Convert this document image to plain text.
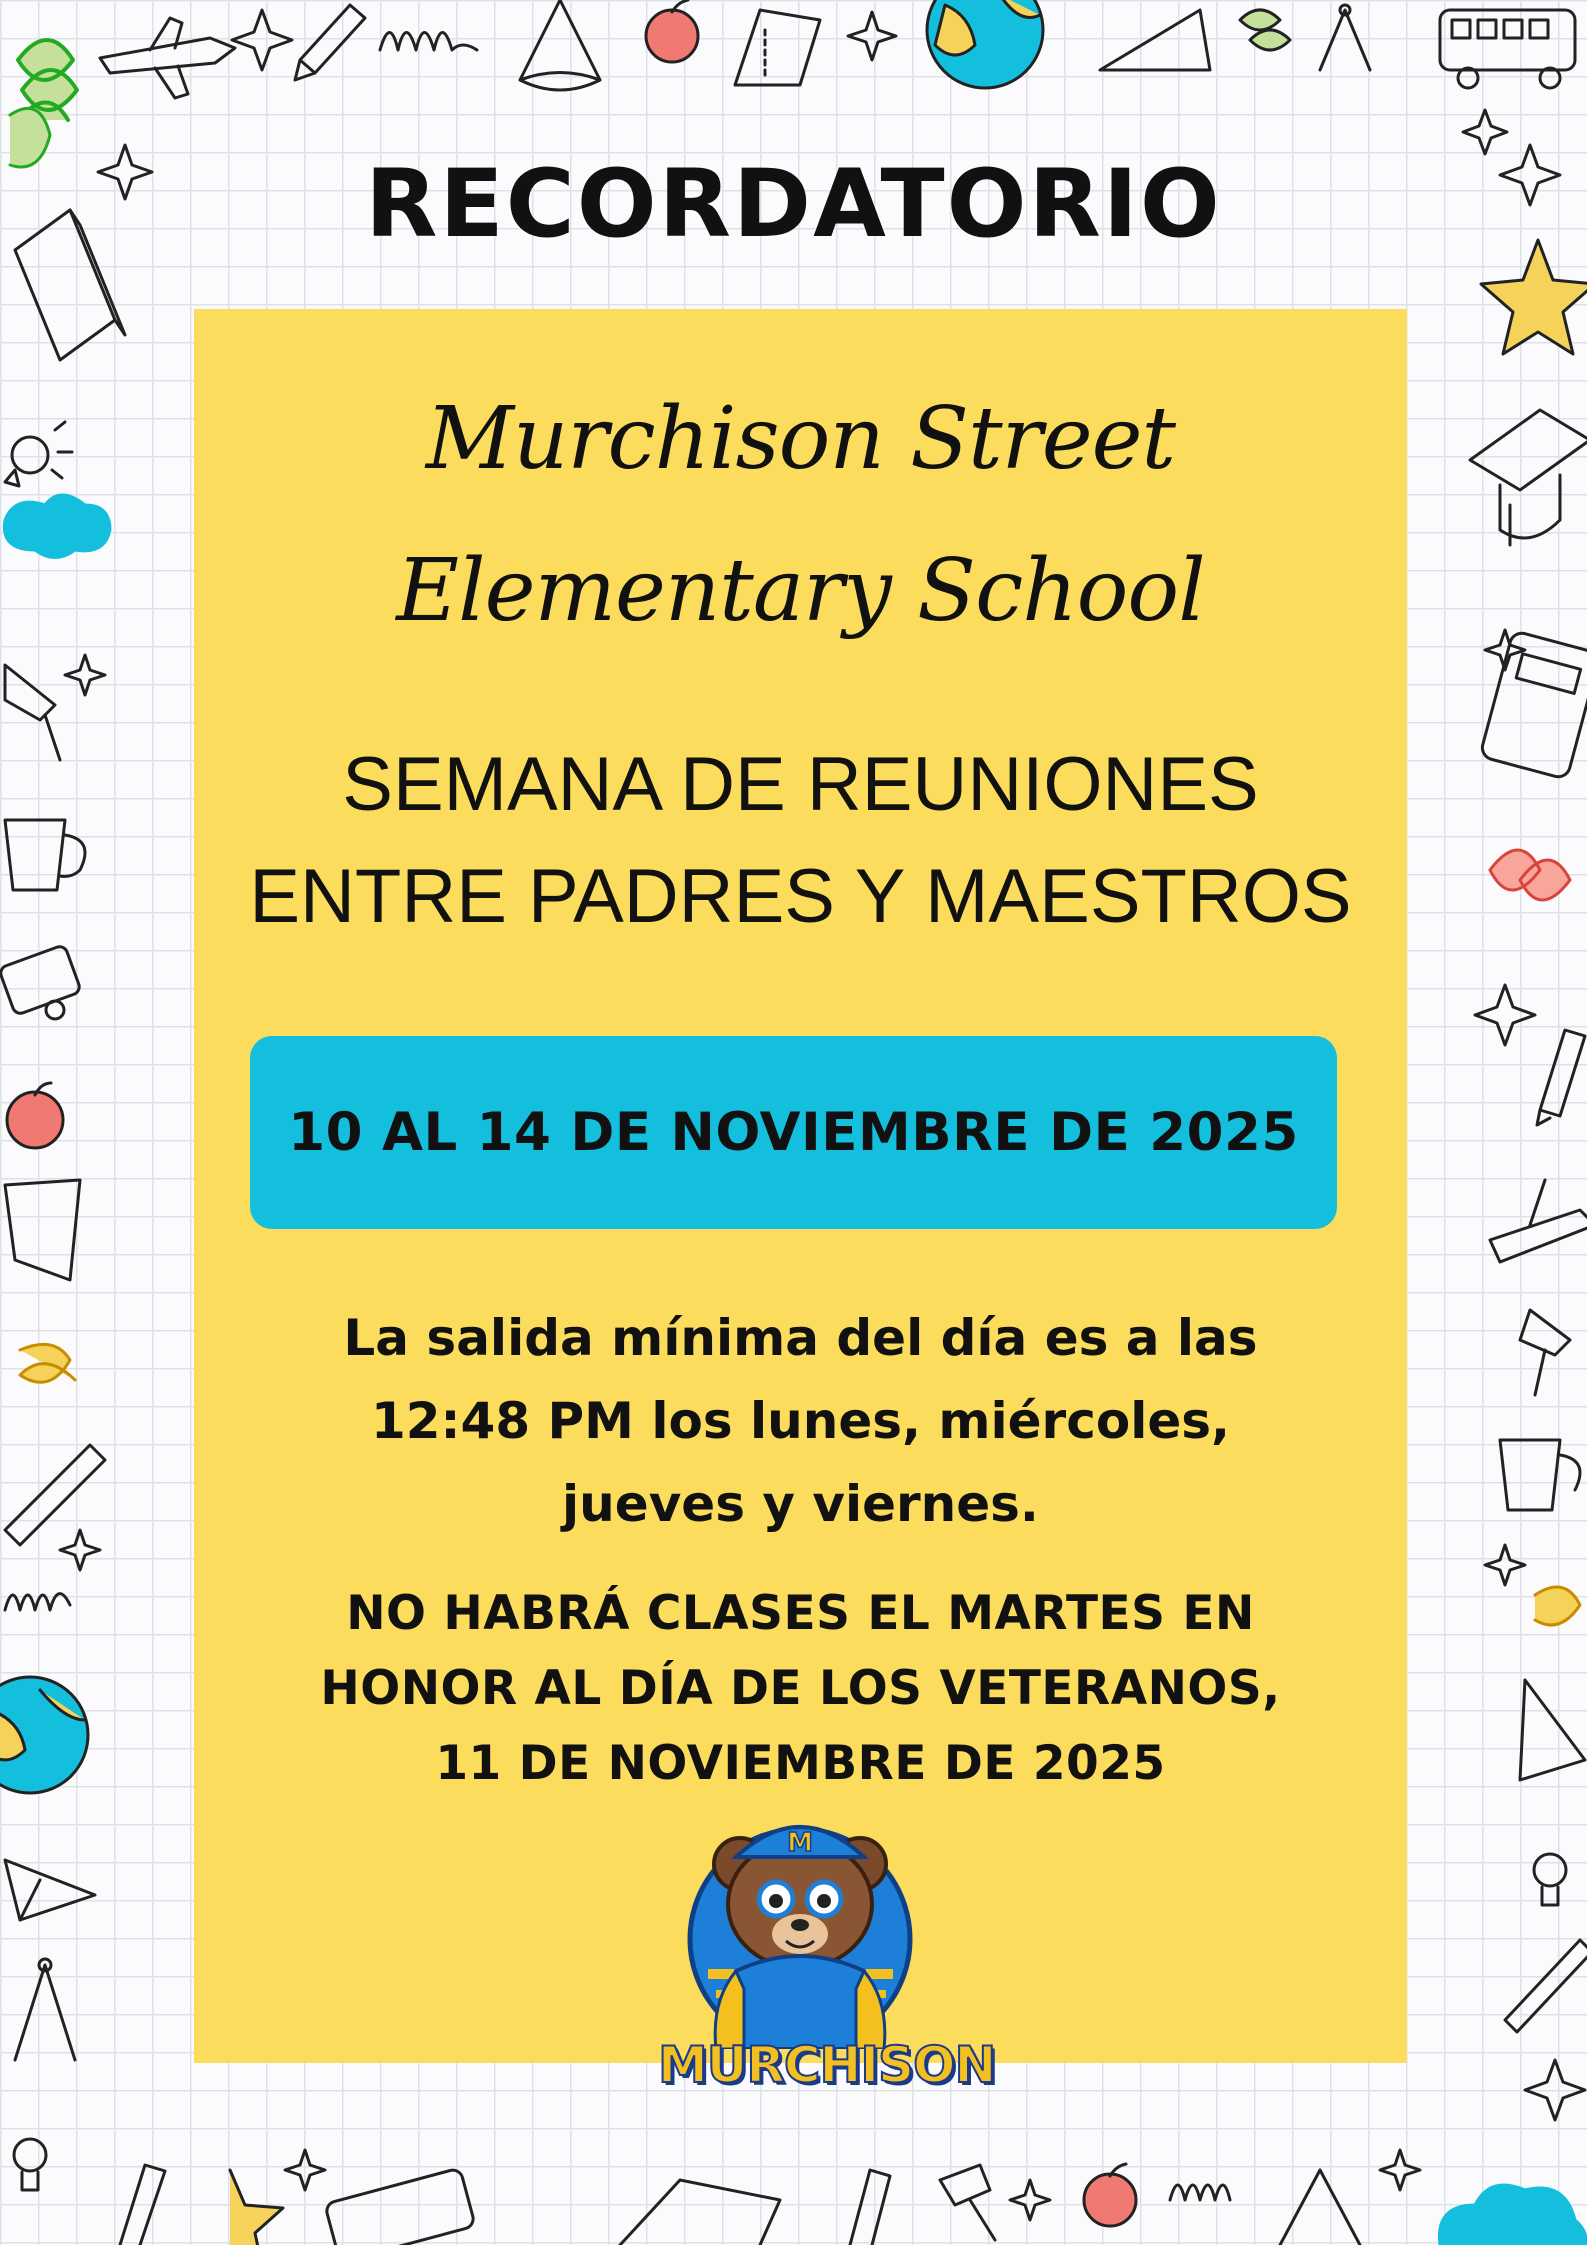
RECORDATORIO

Murchison Street

Elementary School

SEMANA DE REUNIONES

ENTRE PADRES Y MAESTROS

10 AL 14 DE NOVIEMBRE DE 2025

La salida mínima del día es a las

12:48 PM los lunes, miércoles,

jueves y viernes.

NO HABRÁ CLASES EL MARTES EN

HONOR AL DÍA DE LOS VETERANOS,

11 DE NOVIEMBRE DE 2025

M
MURCHISON
